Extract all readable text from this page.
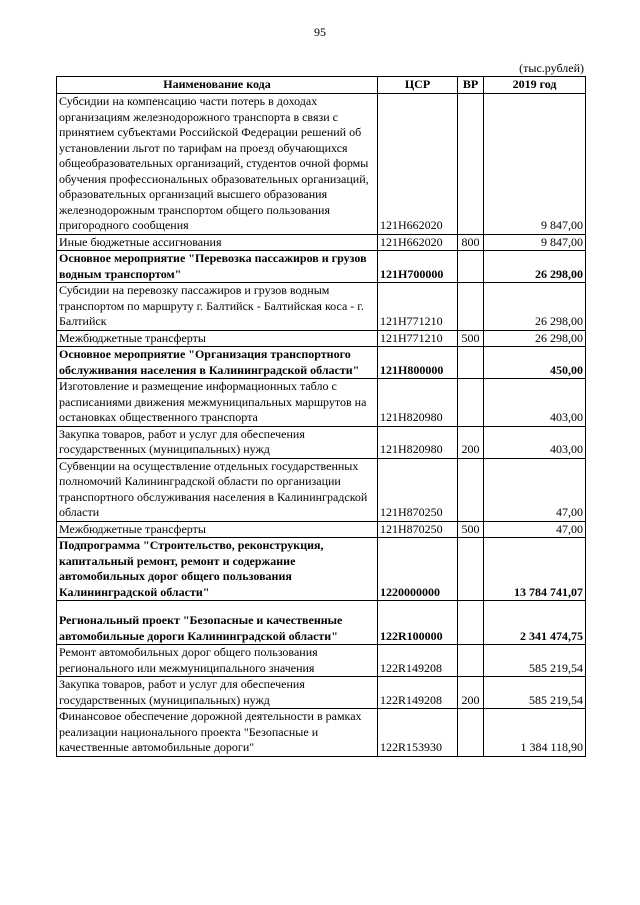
95
(тыс.рублей)
Наименование кода	ЦСР	ВР	2019 год
Субсидии на компенсацию части потерь в доходах организациям железнодорожного транспорта в связи с принятием субъектами Российской Федерации решений об установлении льгот по тарифам на проезд обучающихся общеобразовательных организаций, студентов очной формы обучения профессиональных образовательных организаций, образовательных организаций высшего образования железнодорожным транспортом общего пользования пригородного сообщения	121Н662020		9 847,00
Иные бюджетные ассигнования	121Н662020	800	9 847,00
Основное мероприятие "Перевозка пассажиров и грузов водным транспортом"	121Н700000		26 298,00
Субсидии на перевозку пассажиров и грузов водным транспортом по маршруту г. Балтийск - Балтийская коса - г. Балтийск	121Н771210		26 298,00
Межбюджетные трансферты	121Н771210	500	26 298,00
Основное мероприятие "Организация транспортного обслуживания населения в Калининградской области"	121Н800000		450,00
Изготовление и размещение информационных табло с расписаниями движения межмуниципальных маршрутов на остановках общественного транспорта	121Н820980		403,00
Закупка товаров, работ и услуг для обеспечения государственных (муниципальных) нужд	121Н820980	200	403,00
Субвенции на осуществление отдельных государственных полномочий Калининградской области по организации транспортного обслуживания населения в Калининградской области	121Н870250		47,00
Межбюджетные трансферты	121Н870250	500	47,00
Подпрограмма "Строительство, реконструкция, капитальный ремонт, ремонт и содержание автомобильных дорог общего пользования Калининградской области"	1220000000		13 784 741,07
Региональный проект "Безопасные и качественные автомобильные дороги Калининградской области"	122R100000		2 341 474,75
Ремонт автомобильных дорог общего пользования регионального или межмуниципального значения	122R149208		585 219,54
Закупка товаров, работ и услуг для обеспечения государственных (муниципальных) нужд	122R149208	200	585 219,54
Финансовое обеспечение дорожной деятельности в рамках реализации национального проекта "Безопасные и качественные автомобильные дороги"	122R153930		1 384 118,90
